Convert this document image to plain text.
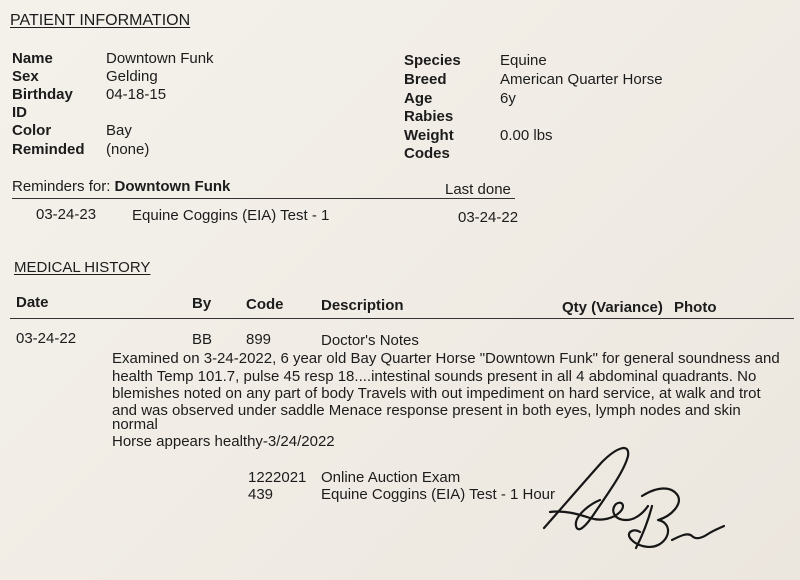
PATIENT INFORMATION
Name	Downtown Funk
Sex	Gelding
Birthday 04-18-15
ID
Color	Bay
Reminded (none)
Species	Equine
Breed	American Quarter Horse
Age	6y
Rabies
Weight	0.00 lbs
Codes
Reminders for: Downtown Funk	Last done
03-24-23 Equine Coggins (EIA) Test - 1	03-24-22
MEDICAL HISTORY
Date	By Code	Description	Qty (Variance) Photo
03-24-22	BB 899	Doctor's Notes
Examined on 3-24-2022, 6 year old Bay Quarter Horse "Downtown Funk" for general soundness and
health Temp 101.7, pulse 45 resp 18....intestinal sounds present in all 4 abdominal quadrants. No
blemishes noted on any part of body Travels with out impediment on hard service, at walk and trot
and was observed under saddle Menace response present in both eyes, lymph nodes and skin
normal
Horse appears healthy-3/24/2022
1222021 Online Auction Exam
439	Equine Coggins (EIA) Test - 1 Hour
